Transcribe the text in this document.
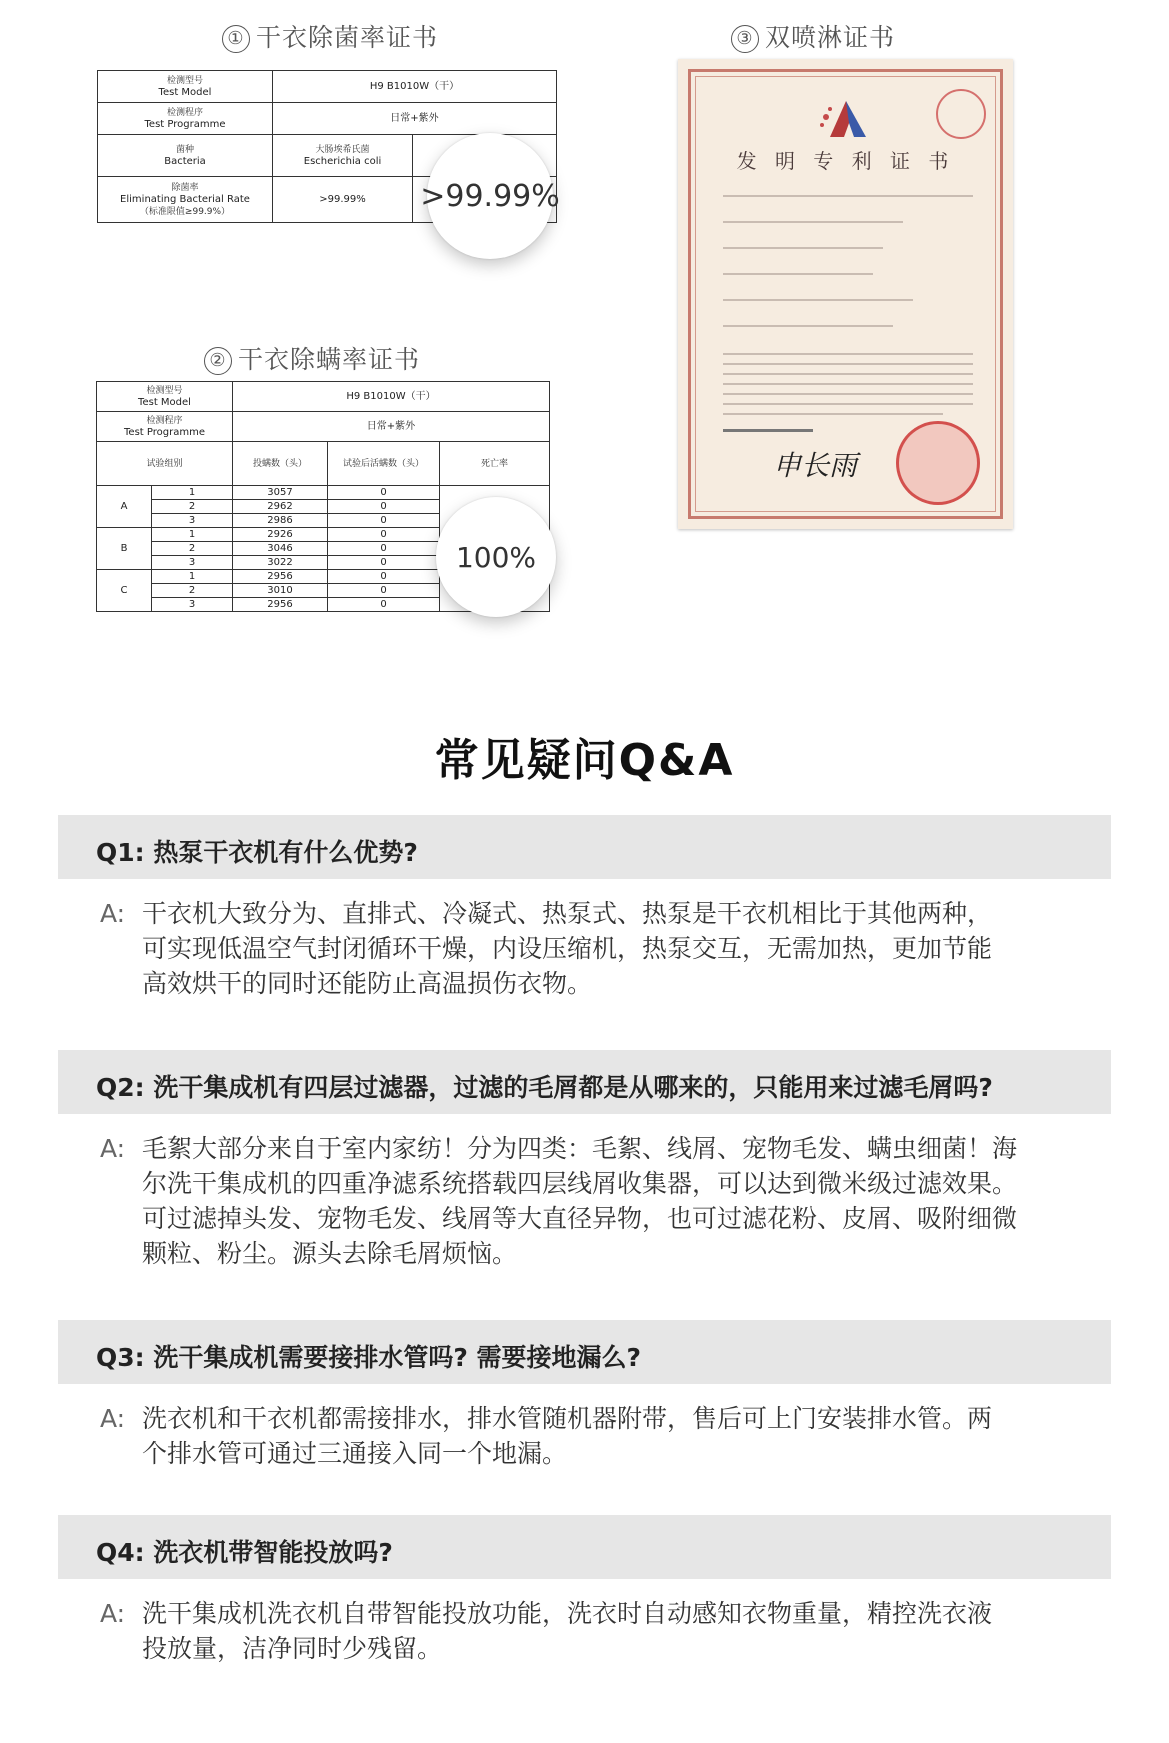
① 干衣除菌率证书
检测型号
Test Model	H9 B1010W（干）	

检测程序
Test Programme	日常+紫外	

菌种
Bacteria	大肠埃希氏菌
Escherichia coli	

除菌率
Eliminating Bacterial Rate
（标准限值≥99.9%）	>99.99%	>99.99%
② 干衣除螨率证书
检测型号
Test Model		H9 B1010W（干）		

检测程序
Test Programme		日常+紫外		

试验组别		投螨数（头）	试验后活螨数（头）	死亡率

A	1	3057	0	
	2	2962	0	
	3	2986	0	
B	1	2926	0	
	2	3046	0	
	3	3022	0	
C	1	2956	0	
	2	3010	0	
	3	2956	0	
100%
③ 双喷淋证书
发 明 专 利 证 书
申长雨
常见疑问Q&A
Q1: 热泵干衣机有什么优势?
A: 干衣机大致分为、直排式、冷凝式、热泵式、热泵是干衣机相比于其他两种，
可实现低温空气封闭循环干燥，内设压缩机，热泵交互，无需加热，更加节能
高效烘干的同时还能防止高温损伤衣物。
Q2: 洗干集成机有四层过滤器，过滤的毛屑都是从哪来的，只能用来过滤毛屑吗?
A: 毛絮大部分来自于室内家纺！分为四类：毛絮、线屑、宠物毛发、螨虫细菌！海
尔洗干集成机的四重净滤系统搭载四层线屑收集器，可以达到微米级过滤效果。
可过滤掉头发、宠物毛发、线屑等大直径异物，也可过滤花粉、皮屑、吸附细微
颗粒、粉尘。源头去除毛屑烦恼。
Q3: 洗干集成机需要接排水管吗? 需要接地漏么?
A: 洗衣机和干衣机都需接排水，排水管随机器附带，售后可上门安装排水管。两
个排水管可通过三通接入同一个地漏。
Q4: 洗衣机带智能投放吗?
A: 洗干集成机洗衣机自带智能投放功能，洗衣时自动感知衣物重量，精控洗衣液
投放量，洁净同时少残留。
